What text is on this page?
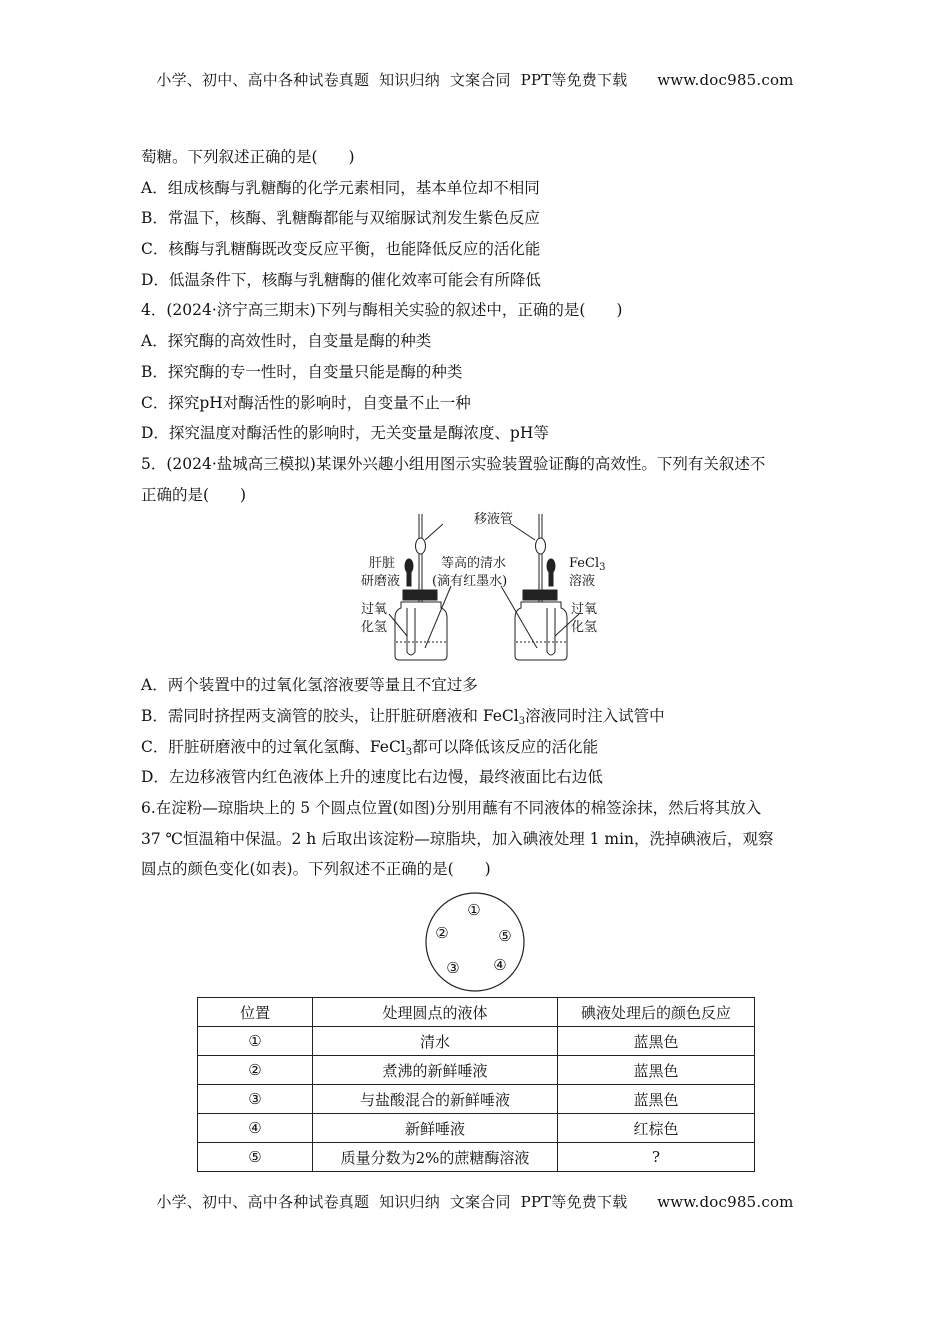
小学、初中、高中各种试卷真题  知识归纳  文案合同  PPT等免费下载      www.doc985.com
萄糖。下列叙述正确的是(　　)
A．组成核酶与乳糖酶的化学元素相同，基本单位却不相同
B．常温下，核酶、乳糖酶都能与双缩脲试剂发生紫色反应
C．核酶与乳糖酶既改变反应平衡，也能降低反应的活化能
D．低温条件下，核酶与乳糖酶的催化效率可能会有所降低
4．(2024·济宁高三期末)下列与酶相关实验的叙述中，正确的是(　　)
A．探究酶的高效性时，自变量是酶的种类
B．探究酶的专一性时，自变量只能是酶的种类
C．探究pH对酶活性的影响时，自变量不止一种
D．探究温度对酶活性的影响时，无关变量是酶浓度、pH等
5．(2024·盐城高三模拟)某课外兴趣小组用图示实验装置验证酶的高效性。下列有关叙述不
正确的是(　　)
移液管
肝脏
研磨液
等高的清水
(滴有红墨水)
FeCl$_3$
溶液
过氧
化氢
过氧
化氢
A．两个装置中的过氧化氢溶液要等量且不宜过多
B．需同时挤捏两支滴管的胶头，让肝脏研磨液和 FeCl$_3$溶液同时注入试管中
C．肝脏研磨液中的过氧化氢酶、FeCl$_3$都可以降低该反应的活化能
D．左边移液管内红色液体上升的速度比右边慢，最终液面比右边低
6.在淀粉—琼脂块上的 5 个圆点位置(如图)分别用蘸有不同液体的棉签涂抹，然后将其放入
37 ℃恒温箱中保温。2 h 后取出该淀粉—琼脂块，加入碘液处理 1 min，洗掉碘液后，观察
圆点的颜色变化(如表)。下列叙述不正确的是(　　)
①
②	⑤
③ ④
位置	处理圆点的液体	碘液处理后的颜色反应
①	清水	蓝黑色
②	煮沸的新鲜唾液	蓝黑色
③	与盐酸混合的新鲜唾液	蓝黑色
④	新鲜唾液	红棕色
⑤	质量分数为2%的蔗糖酶溶液	?
小学、初中、高中各种试卷真题  知识归纳  文案合同  PPT等免费下载      www.doc985.com
